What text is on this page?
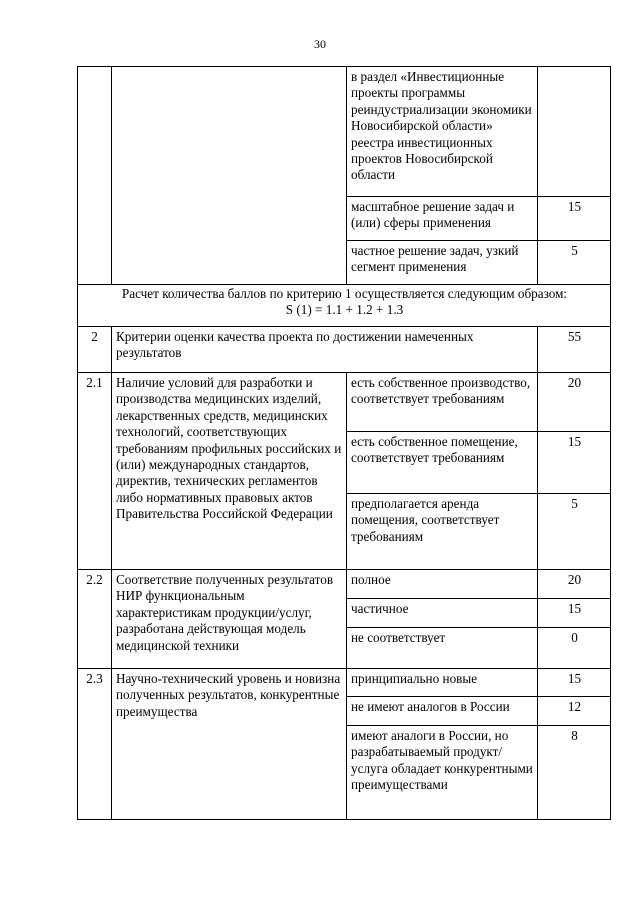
30
		в раздел «Инвестиционные проекты программы реиндустриализации экономики Новосибирской области» реестра инвестиционных проектов Новосибирской области	
		масштабное решение задач и (или) сферы применения	15
		частное решение задач, узкий сегмент применения	5

Расчет количества баллов по критерию 1 осуществляется следующим образом:
S (1) = 1.1 + 1.2 + 1.3			

2	Критерии оценки качества проекта по достижении намеченных результатов		55
2.1	Наличие условий для разработки и производства медицинских изделий, лекарственных средств, медицинских технологий, соответствующих требованиям профильных российских и (или) международных стандартов, директив, технических регламентов либо нормативных правовых актов Правительства Российской Федерации	есть собственное производство, соответствует требованиям	20
		есть собственное помещение, соответствует требованиям	15
		предполагается аренда помещения, соответствует требованиям	5
2.2	Соответствие полученных результатов НИР функциональным характеристикам продукции/услуг, разработана действующая модель медицинской техники	полное	20
		частичное	15
		не соответствует	0
2.3	Научно-технический уровень и новизна полученных результатов, конкурентные преимущества	принципиально новые	15
		не имеют аналогов в России	12
		имеют аналоги в России, но разрабатываемый продукт/услуга обладает конкурентными преимуществами	8
